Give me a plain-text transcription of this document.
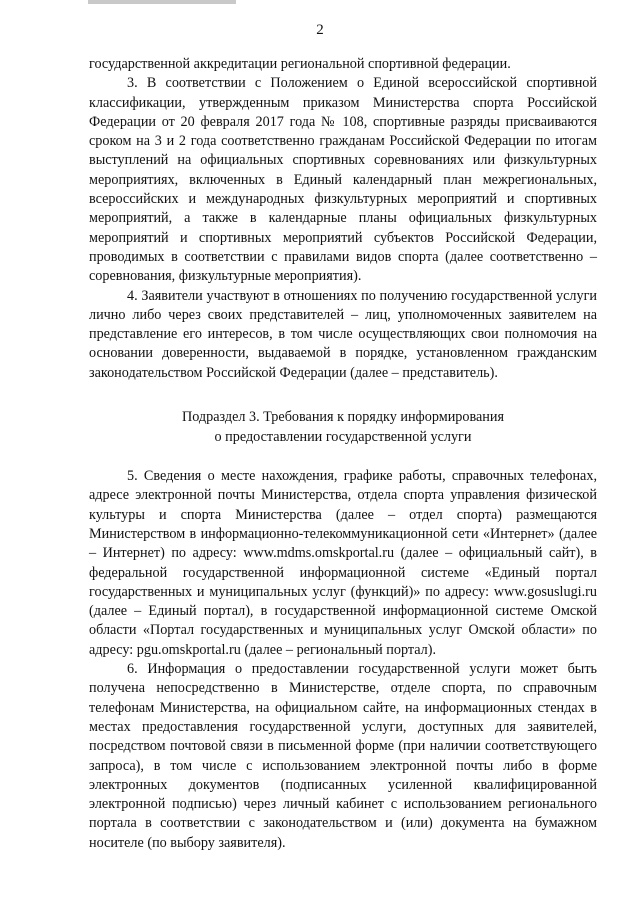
2

государственной аккредитации региональной спортивной федерации.

3. В соответствии с Положением о Единой всероссийской спортивной классификации, утвержденным приказом Министерства спорта Российской Федерации от 20 февраля 2017 года № 108, спортивные разряды присваиваются сроком на 3 и 2 года соответственно гражданам Российской Федерации по итогам выступлений на официальных спортивных соревнованиях или физкультурных мероприятиях, включенных в Единый календарный план межрегиональных, всероссийских и международных физкультурных мероприятий и спортивных мероприятий, а также в календарные планы официальных физкультурных мероприятий и спортивных мероприятий субъектов Российской Федерации, проводимых в соответствии с правилами видов спорта (далее соответственно – соревнования, физкультурные мероприятия).

4. Заявители участвуют в отношениях по получению государственной услуги лично либо через своих представителей – лиц, уполномоченных заявителем на представление его интересов, в том числе осуществляющих свои полномочия на основании доверенности, выдаваемой в порядке, установленном гражданским законодательством Российской Федерации (далее – представитель).

Подраздел 3. Требования к порядку информирования
о предоставлении государственной услуги

5. Сведения о месте нахождения, графике работы, справочных телефонах, адресе электронной почты Министерства, отдела спорта управления физической культуры и спорта Министерства (далее – отдел спорта) размещаются Министерством в информационно-телекоммуникационной сети «Интернет» (далее – Интернет) по адресу: www.mdms.omskportal.ru (далее – официальный сайт), в федеральной государственной информационной системе «Единый портал государственных и муниципальных услуг (функций)» по адресу: www.gosuslugi.ru (далее – Единый портал), в государственной информационной системе Омской области «Портал государственных и муниципальных услуг Омской области» по адресу: pgu.omskportal.ru (далее – региональный портал).

6. Информация о предоставлении государственной услуги может быть получена непосредственно в Министерстве, отделе спорта, по справочным телефонам Министерства, на официальном сайте, на информационных стендах в местах предоставления государственной услуги, доступных для заявителей, посредством почтовой связи в письменной форме (при наличии соответствующего запроса), в том числе с использованием электронной почты либо в форме электронных документов (подписанных усиленной квалифицированной электронной подписью) через личный кабинет с использованием регионального портала в соответствии с законодательством и (или) документа на бумажном носителе (по выбору заявителя).
